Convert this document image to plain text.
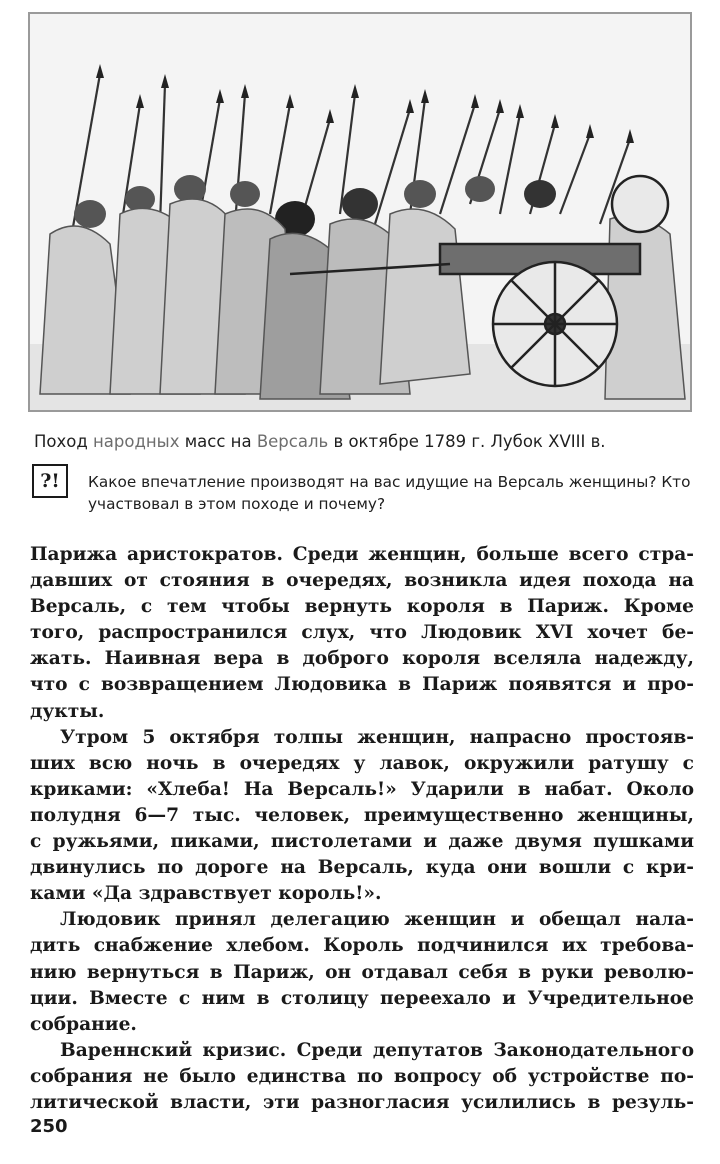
Поход народных масс на Версаль в октябре 1789 г. Лубок XVIII в.
?!	Какое впечатление производят на вас идущие на Версаль женщины? Кто участвовал в этом походе и почему?
Парижа аристократов. Среди женщин, больше всего стра-
давших от стояния в очередях, возникла идея похода на
Версаль, с тем чтобы вернуть короля в Париж. Кроме
того, распространился слух, что Людовик XVI хочет бе-
жать. Наивная вера в доброго короля вселяла надежду,
что с возвращением Людовика в Париж появятся и про-
дукты.
Утром 5 октября толпы женщин, напрасно простояв-
ших всю ночь в очередях у лавок, окружили ратушу с
криками: «Хлеба! На Версаль!» Ударили в набат. Около
полудня 6—7 тыс. человек, преимущественно женщины,
с ружьями, пиками, пистолетами и даже двумя пушками
двинулись по дороге на Версаль, куда они вошли с кри-
ками «Да здравствует король!».
Людовик принял делегацию женщин и обещал нала-
дить снабжение хлебом. Король подчинился их требова-
нию вернуться в Париж, он отдавал себя в руки револю-
ции. Вместе с ним в столицу переехало и Учредительное
собрание.
Вареннский кризис. Среди депутатов Законодательного
собрания не было единства по вопросу об устройстве по-
литической власти, эти разногласия усилились в резуль-
250
